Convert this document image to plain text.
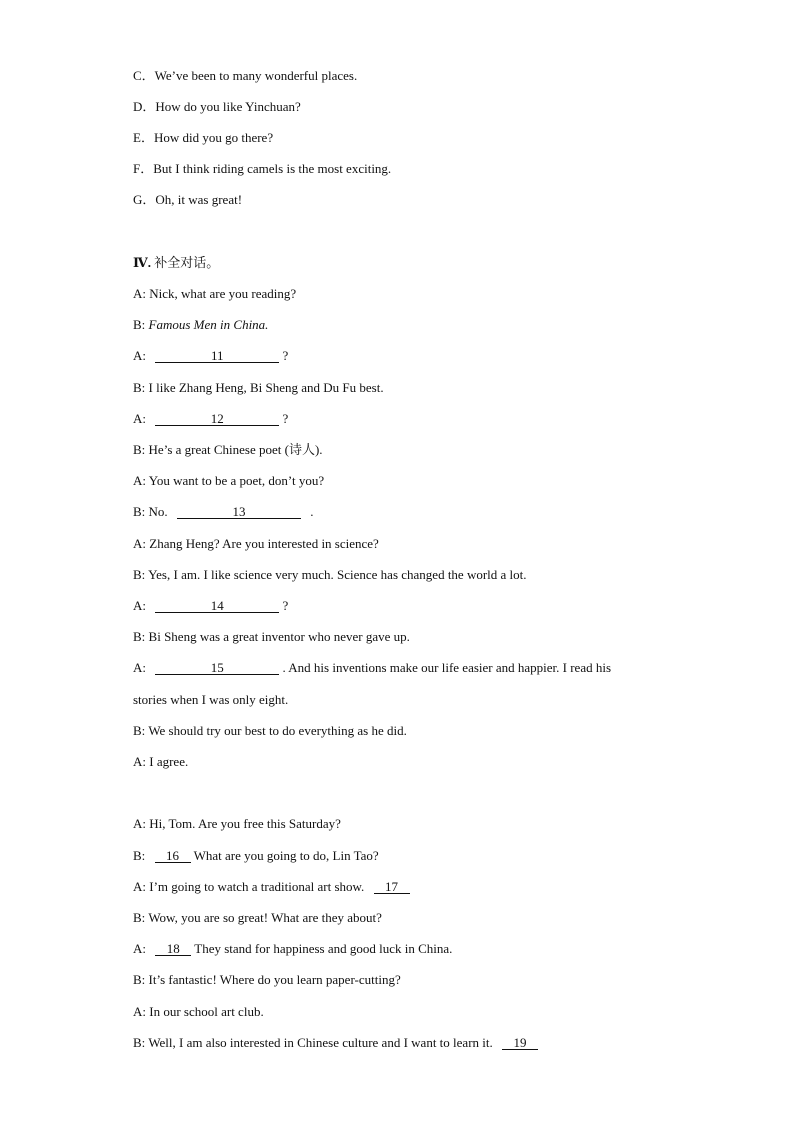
C．We’ve been to many wonderful places.
D．How do you like Yinchuan?
E．How did you go there?
F．But I think riding camels is the most exciting.
G．Oh, it was great!
Ⅳ. 补全对话。
A: Nick, what are you reading?
B: Famous Men in China.
A:	11	?
B: I like Zhang Heng, Bi Sheng and Du Fu best.
A:	12	?
B: He’s a great Chinese poet (诗人).
A: You want to be a poet, don’t you?
B: No.	13	.
A: Zhang Heng? Are you interested in science?
B: Yes, I am. I like science very much. Science has changed the world a lot.
A:	14	?
B: Bi Sheng was a great inventor who never gave up.
A:	15	. And his inventions make our life easier and happier. I read his
stories when I was only eight.
B: We should try our best to do everything as he did.
A: I agree.
A: Hi, Tom. Are you free this Saturday?
B: 16 What are you going to do, Lin Tao?
A: I’m going to watch a traditional art show. 17
B: Wow, you are so great! What are they about?
A: 18 They stand for happiness and good luck in China.
B: It’s fantastic! Where do you learn paper-cutting?
A: In our school art club.
B: Well, I am also interested in Chinese culture and I want to learn it. 19
